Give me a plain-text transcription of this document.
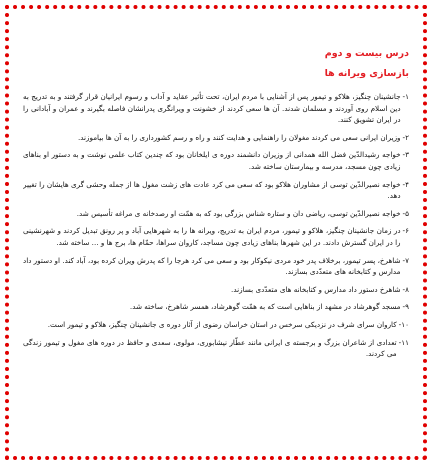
درس بیست و دوم
بازسازی ویرانه ها
۱-
جانشینان چنگیز، هلاکو و تیمور پس از آشنایی با مردم ایران، تحت تأثیر عقاید و آداب و رسوم ایرانیان قرار گرفتند و به تدریج به دین اسلام روی آوردند و مسلمان شدند. آن ها سعی کردند از خشونت و ویرانگری پدرانشان فاصله بگیرند و عمران و آبادانی را در ایران تشویق کنند.
۲-
وزیران ایرانی سعی می کردند مغولان را راهنمایی و هدایت کنند و راه و رسم کشورداری را به آن ها بیاموزند.
۳-
خواجه رشیدالدّین فضل الله همدانی از وزیران دانشمند دوره ی ایلخانان بود که چندین کتاب علمی نوشت و به دستور او بناهای زیادی چون مسجد، مدرسه و بیمارستان ساخته شد.
۴-
خواجه نصیرالدّین توسی از مشاوران هلاکو بود که سعی می کرد عادت های زشت مغول ها از جمله وحشی گری هایشان را تغییر دهد.
۵-
خواجه نصیرالدّین توسی، ریاضی دان و ستاره شناس بزرگی بود که به همّت او رصدخانه ی مراغه تأسیس شد.
۶-
در زمان جانشینان چنگیز، هلاکو و تیمور، مردم ایران به تدریج، ویرانه ها را به شهرهایی آباد و پر رونق تبدیل کردند و شهرنشینی را در ایران گسترش دادند. در این شهرها بناهای زیادی چون مساجد، کاروان سراها، حمّام ها، برج ها و ... ساخته شد.
۷-
شاهرخ، پسر تیمور، برخلاف پدر خود مردی نیکوکار بود و سعی می کرد هرجا را که پدرش ویران کرده بود، آباد کند. او دستور داد مدارس و کتابخانه های متعدّدی بسازند.
۸-
شاهرخ دستور داد مدارس و کتابخانه های متعدّدی بسازند.
۹-
مسجد گوهرشاد در مشهد از بناهایی است که به همّت گوهرشاد، همسر شاهرخ، ساخته شد.
۱۰-
کاروان سرای شرف در نزدیکی سرخس در استان خراسان رضوی از آثار دوره ی جانشینان چنگیز، هلاکو و تیمور است.
۱۱-
تعدادی از شاعران بزرگ و برجسته ی ایرانی مانند عطّار نیشابوری، مولوی، سعدی و حافظ در دوره های مغول و تیمور زندگی می کردند.
